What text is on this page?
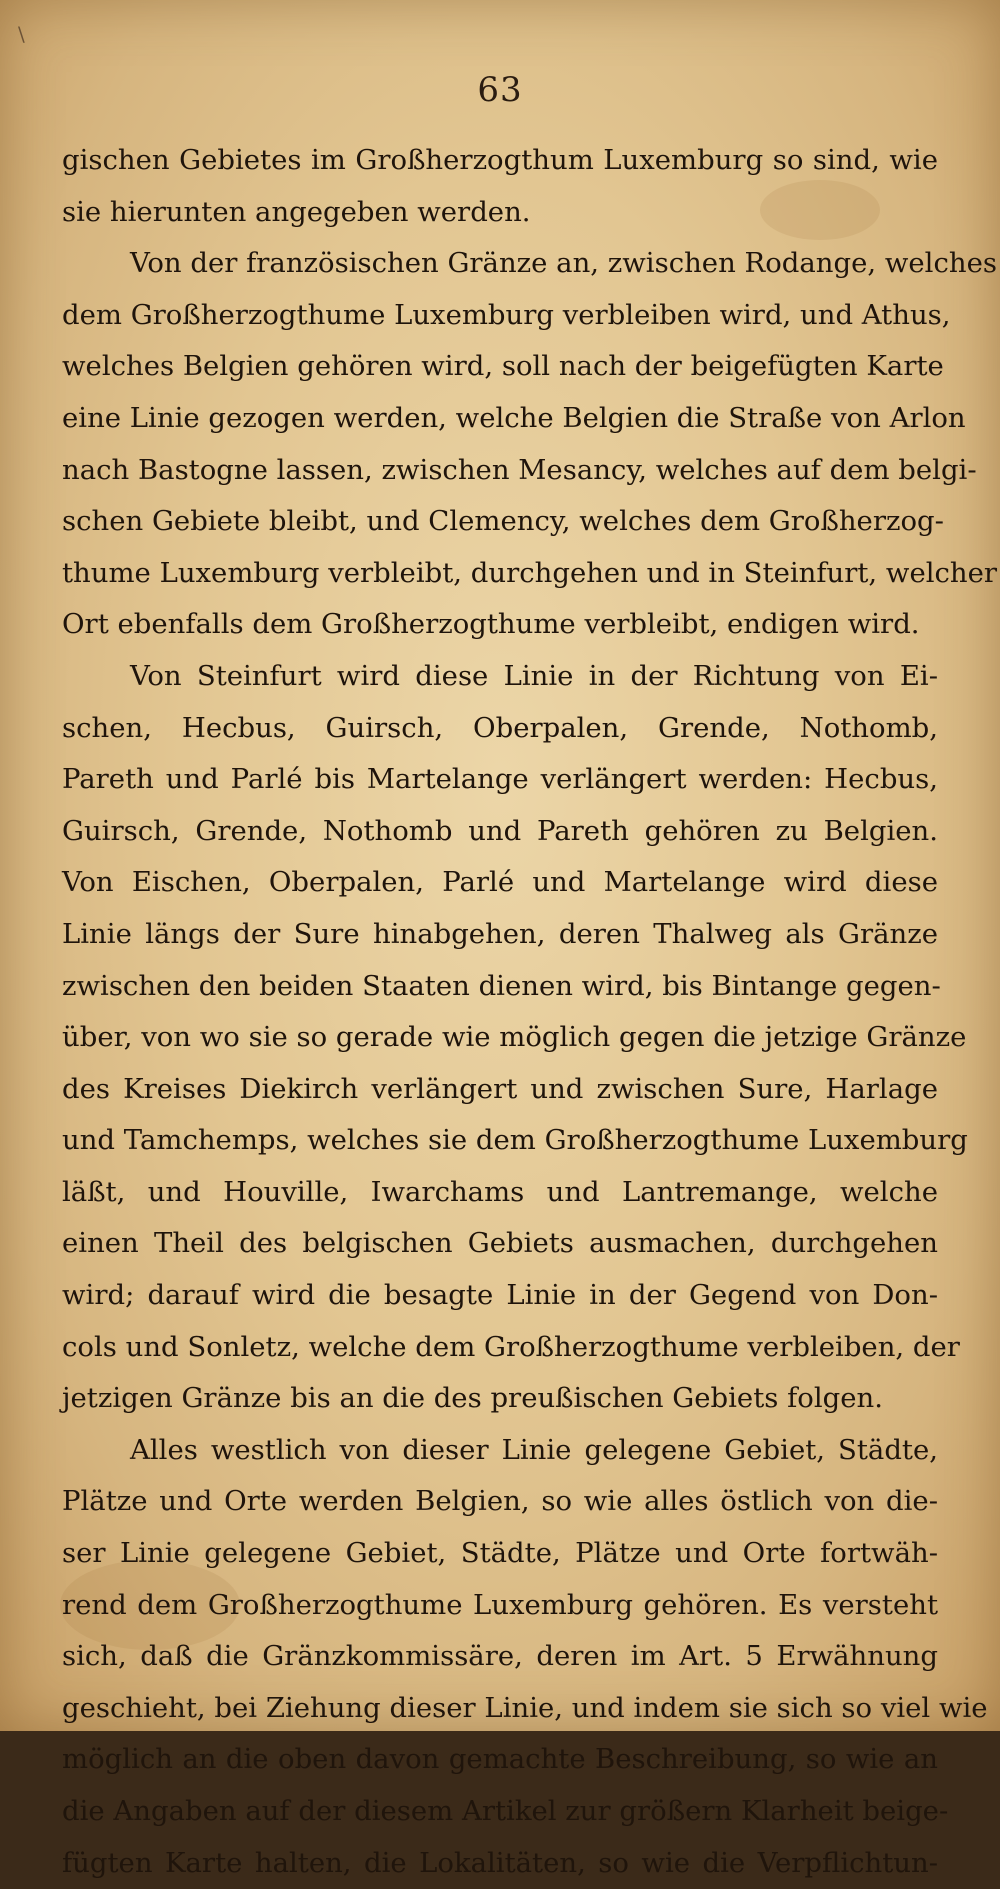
\
63
gischen Gebietes im Großherzogthum Luxemburg so sind, wie
sie hierunten angegeben werden.
Von der französischen Gränze an, zwischen Rodange, welches
dem Großherzogthume Luxemburg verbleiben wird, und Athus,
welches Belgien gehören wird, soll nach der beigefügten Karte
eine Linie gezogen werden, welche Belgien die Straße von Arlon
nach Bastogne lassen, zwischen Mesancy, welches auf dem belgi-
schen Gebiete bleibt, und Clemency, welches dem Großherzog-
thume Luxemburg verbleibt, durchgehen und in Steinfurt, welcher
Ort ebenfalls dem Großherzogthume verbleibt, endigen wird.
Von Steinfurt wird diese Linie in der Richtung von Ei-
schen, Hecbus, Guirsch, Oberpalen, Grende, Nothomb,
Pareth und Parlé bis Martelange verlängert werden: Hecbus,
Guirsch, Grende, Nothomb und Pareth gehören zu Belgien.
Von Eischen, Oberpalen, Parlé und Martelange wird diese
Linie längs der Sure hinabgehen, deren Thalweg als Gränze
zwischen den beiden Staaten dienen wird, bis Bintange gegen-
über, von wo sie so gerade wie möglich gegen die jetzige Gränze
des Kreises Diekirch verlängert und zwischen Sure, Harlage
und Tamchemps, welches sie dem Großherzogthume Luxemburg
läßt, und Houville, Iwarchams und Lantremange, welche
einen Theil des belgischen Gebiets ausmachen, durchgehen
wird; darauf wird die besagte Linie in der Gegend von Don-
cols und Sonletz, welche dem Großherzogthume verbleiben, der
jetzigen Gränze bis an die des preußischen Gebiets folgen.
Alles westlich von dieser Linie gelegene Gebiet, Städte,
Plätze und Orte werden Belgien, so wie alles östlich von die-
ser Linie gelegene Gebiet, Städte, Plätze und Orte fortwäh-
rend dem Großherzogthume Luxemburg gehören. Es versteht
sich, daß die Gränzkommissäre, deren im Art. 5 Erwähnung
geschieht, bei Ziehung dieser Linie, und indem sie sich so viel wie
möglich an die oben davon gemachte Beschreibung, so wie an
die Angaben auf der diesem Artikel zur größern Klarheit beige-
fügten Karte halten, die Lokalitäten, so wie die Verpflichtun-
